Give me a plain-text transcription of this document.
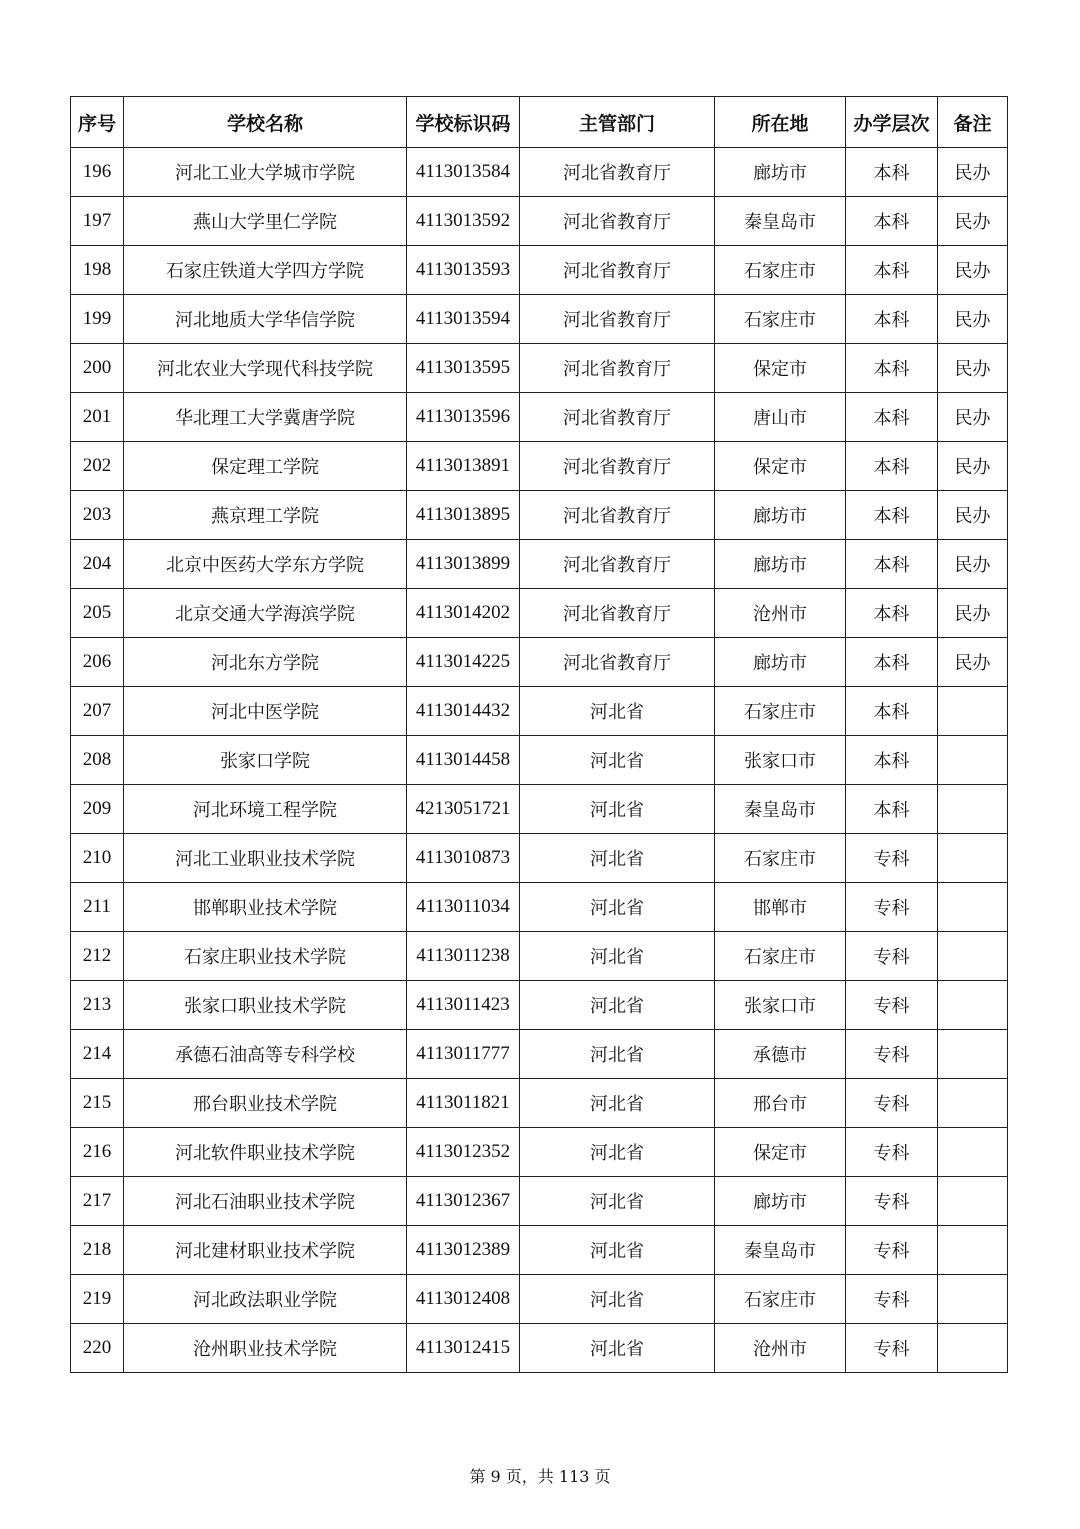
序号	学校名称	学校标识码	主管部门	所在地	办学层次	备注
196	河北工业大学城市学院	4113013584	河北省教育厅	廊坊市	本科	民办
197	燕山大学里仁学院	4113013592	河北省教育厅	秦皇岛市	本科	民办
198	石家庄铁道大学四方学院	4113013593	河北省教育厅	石家庄市	本科	民办
199	河北地质大学华信学院	4113013594	河北省教育厅	石家庄市	本科	民办
200	河北农业大学现代科技学院	4113013595	河北省教育厅	保定市	本科	民办
201	华北理工大学冀唐学院	4113013596	河北省教育厅	唐山市	本科	民办
202	保定理工学院	4113013891	河北省教育厅	保定市	本科	民办
203	燕京理工学院	4113013895	河北省教育厅	廊坊市	本科	民办
204	北京中医药大学东方学院	4113013899	河北省教育厅	廊坊市	本科	民办
205	北京交通大学海滨学院	4113014202	河北省教育厅	沧州市	本科	民办
206	河北东方学院	4113014225	河北省教育厅	廊坊市	本科	民办
207	河北中医学院	4113014432	河北省	石家庄市	本科	
208	张家口学院	4113014458	河北省	张家口市	本科	
209	河北环境工程学院	4213051721	河北省	秦皇岛市	本科	
210	河北工业职业技术学院	4113010873	河北省	石家庄市	专科	
211	邯郸职业技术学院	4113011034	河北省	邯郸市	专科	
212	石家庄职业技术学院	4113011238	河北省	石家庄市	专科	
213	张家口职业技术学院	4113011423	河北省	张家口市	专科	
214	承德石油高等专科学校	4113011777	河北省	承德市	专科	
215	邢台职业技术学院	4113011821	河北省	邢台市	专科	
216	河北软件职业技术学院	4113012352	河北省	保定市	专科	
217	河北石油职业技术学院	4113012367	河北省	廊坊市	专科	
218	河北建材职业技术学院	4113012389	河北省	秦皇岛市	专科	
219	河北政法职业学院	4113012408	河北省	石家庄市	专科	
220	沧州职业技术学院	4113012415	河北省	沧州市	专科	
第 9 页，共 113 页
